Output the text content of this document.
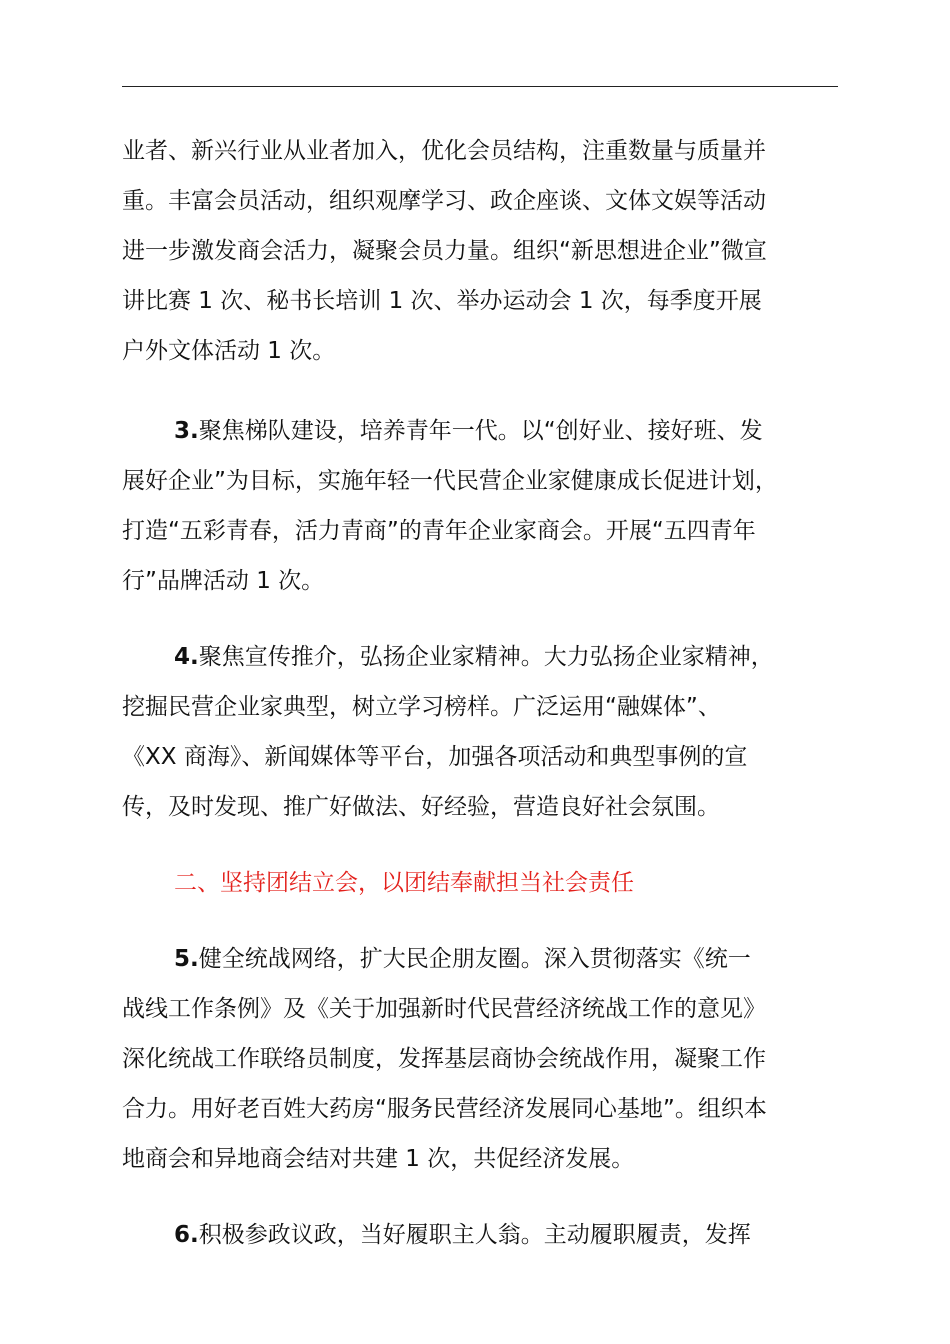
业者、新兴行业从业者加入，优化会员结构，注重数量与质量并
重。丰富会员活动，组织观摩学习、政企座谈、文体文娱等活动
进一步激发商会活力，凝聚会员力量。组织“新思想进企业”微宣
讲比赛 1 次、秘书长培训 1 次、举办运动会 1 次，每季度开展
户外文体活动 1 次。
3.聚焦梯队建设，培养青年一代。以“创好业、接好班、发
展好企业”为目标，实施年轻一代民营企业家健康成长促进计划，
打造“五彩青春，活力青商”的青年企业家商会。开展“五四青年
行”品牌活动 1 次。
4.聚焦宣传推介，弘扬企业家精神。大力弘扬企业家精神，
挖掘民营企业家典型，树立学习榜样。广泛运用“融媒体”、
《XX 商海》、新闻媒体等平台，加强各项活动和典型事例的宣
传，及时发现、推广好做法、好经验，营造良好社会氛围。
二、坚持团结立会，以团结奉献担当社会责任
5.健全统战网络，扩大民企朋友圈。深入贯彻落实《统一
战线工作条例》及《关于加强新时代民营经济统战工作的意见》
深化统战工作联络员制度，发挥基层商协会统战作用，凝聚工作
合力。用好老百姓大药房“服务民营经济发展同心基地”。组织本
地商会和异地商会结对共建 1 次，共促经济发展。
6.积极参政议政，当好履职主人翁。主动履职履责，发挥
